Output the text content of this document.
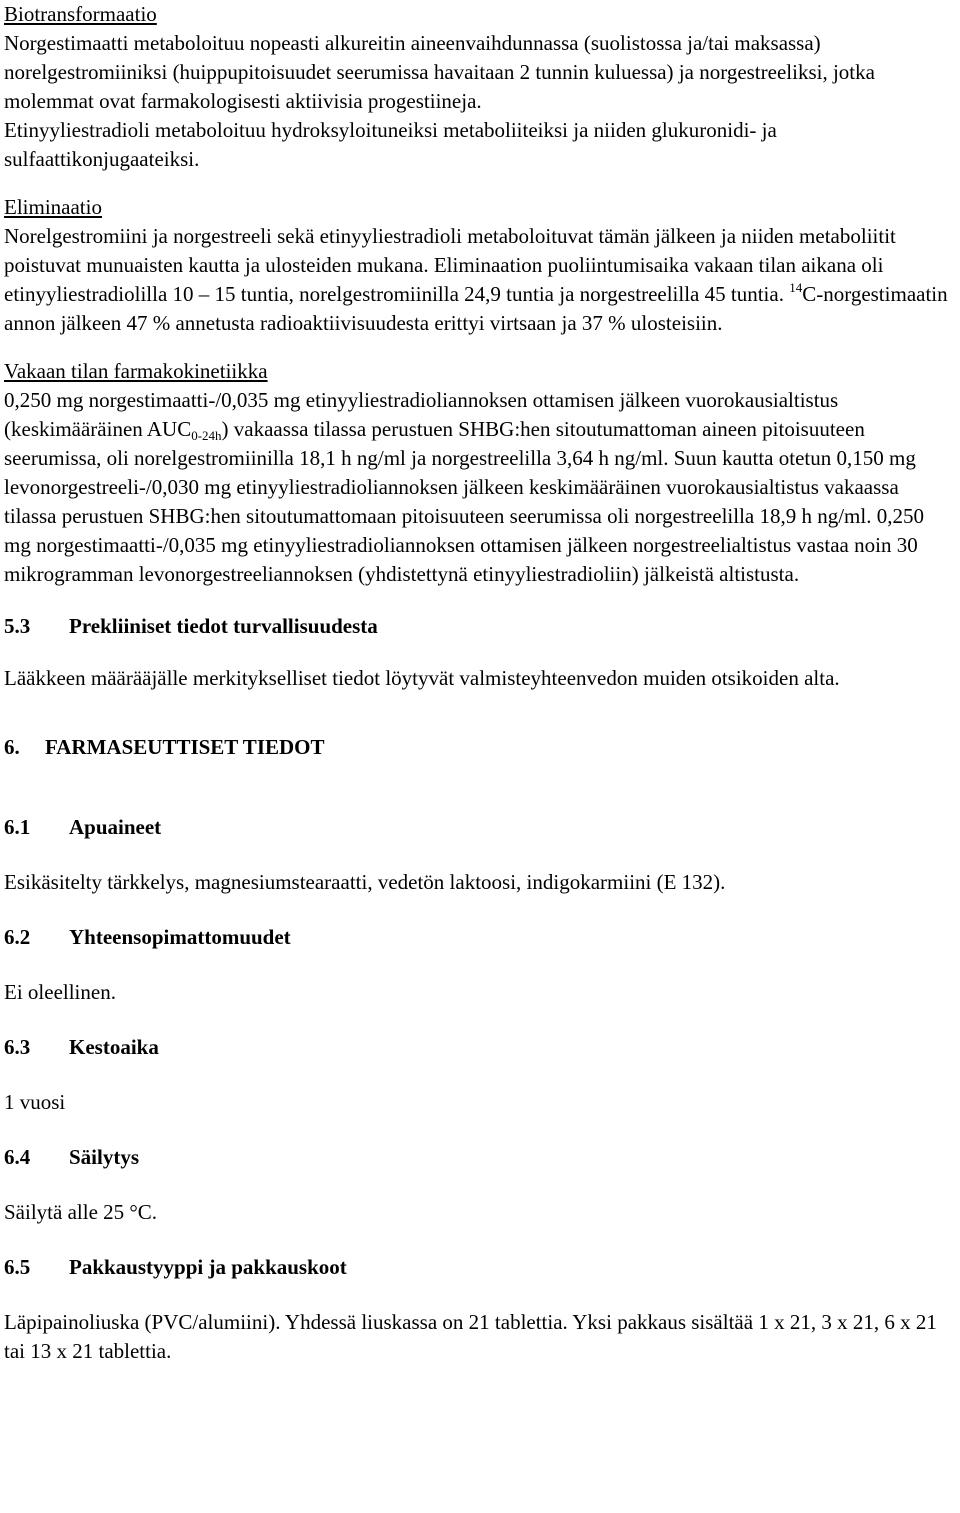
Biotransformaatio

Norgestimaatti metaboloituu nopeasti alkureitin aineenvaihdunnassa (suolistossa ja/tai maksassa) norelgestromiiniksi (huippupitoisuudet seerumissa havaitaan 2 tunnin kuluessa) ja norgestreeliksi, jotka molemmat ovat farmakologisesti aktiivisia progestiineja.

Etinyyliestradioli metaboloituu hydroksyloituneiksi metaboliiteiksi ja niiden glukuronidi- ja sulfaattikonjugaateiksi.

Eliminaatio

Norelgestromiini ja norgestreeli sekä etinyyliestradioli metaboloituvat tämän jälkeen ja niiden metaboliitit poistuvat munuaisten kautta ja ulosteiden mukana. Eliminaation puoliintumisaika vakaan tilan aikana oli etinyyliestradiolilla 10 – 15 tuntia, norelgestromiinilla 24,9 tuntia ja norgestreelilla 45 tuntia. $^{14}$C-norgestimaatin annon jälkeen 47 % annetusta radioaktiivisuudesta erittyi virtsaan ja 37 % ulosteisiin.

Vakaan tilan farmakokinetiikka

0,250 mg norgestimaatti-/0,035 mg etinyyliestradioliannoksen ottamisen jälkeen vuorokausialtistus (keskimääräinen $AUC_{0-24h}$) vakaassa tilassa perustuen SHBG:hen sitoutumattoman aineen pitoisuuteen seerumissa, oli norelgestromiinilla 18,1 h ng/ml ja norgestreelilla 3,64 h ng/ml. Suun kautta otetun 0,150 mg levonorgestreeli-/0,030 mg etinyyliestradioliannoksen jälkeen keskimääräinen vuorokausialtistus vakaassa tilassa perustuen SHBG:hen sitoutumattomaan pitoisuuteen seerumissa oli norgestreelilla 18,9 h ng/ml. 0,250 mg norgestimaatti-/0,035 mg etinyyliestradioliannoksen ottamisen jälkeen norgestreelialtistus vastaa noin 30 mikrogramman levonorgestreeliannoksen (yhdistettynä etinyyliestradioliin) jälkeistä altistusta.

5.3	Prekliiniset tiedot turvallisuudesta

Lääkkeen määrääjälle merkitykselliset tiedot löytyvät valmisteyhteenvedon muiden otsikoiden alta.

6.	FARMASEUTTISET TIEDOT
6.1	Apuaineet

Esikäsitelty tärkkelys, magnesiumstearaatti, vedetön laktoosi, indigokarmiini (E 132).

6.2	Yhteensopimattomuudet

Ei oleellinen.

6.3	Kestoaika

1 vuosi

6.4	Säilytys

Säilytä alle 25 °C.

6.5	Pakkaustyyppi ja pakkauskoot

Läpipainoliuska (PVC/alumiini). Yhdessä liuskassa on 21 tablettia. Yksi pakkaus sisältää 1 x 21, 3 x 21, 6 x 21 tai 13 x 21 tablettia.
